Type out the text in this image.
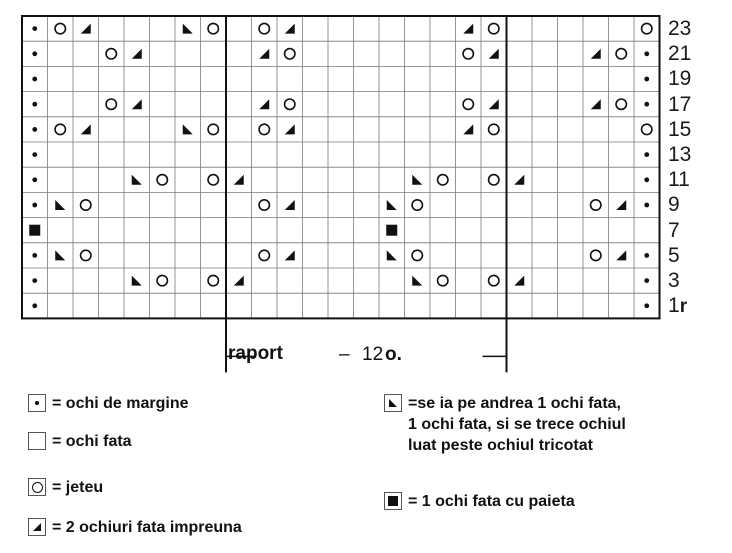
23
21
19
17
15
13
11
9
7
5
3
1r
raport	– 12 o.
= ochi de margine
= ochi fata
= jeteu
= 2 ochiuri fata impreuna
=se ia pe andrea 1 ochi fata,
1 ochi fata, si se trece ochiul
luat peste ochiul tricotat
= 1 ochi fata cu paieta
